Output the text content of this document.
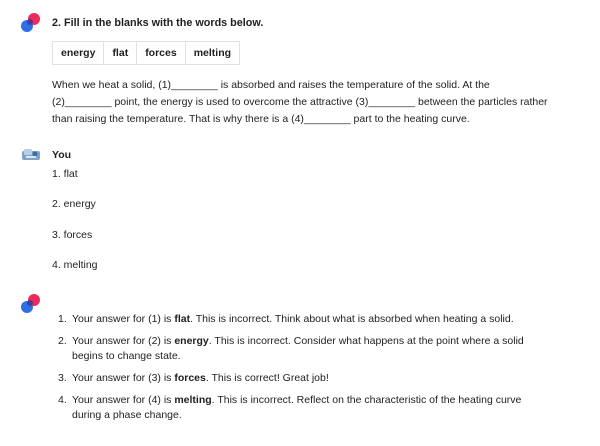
2. Fill in the blanks with the words below.
energy	flat	forces	melting

When we heat a solid, (1)________ is absorbed and raises the temperature of the solid. At the (2)________ point, the energy is used to overcome the attractive (3)________ between the particles rather than raising the temperature. That is why there is a (4)________ part to the heating curve.

You
1. flat
2. energy
3. forces
4. melting
1. Your answer for (1) is flat. This is incorrect. Think about what is absorbed when heating a solid.
2. Your answer for (2) is energy. This is incorrect. Consider what happens at the point where a solid begins to change state.
3. Your answer for (3) is forces. This is correct! Great job!
4. Your answer for (4) is melting. This is incorrect. Reflect on the characteristic of the heating curve during a phase change.
